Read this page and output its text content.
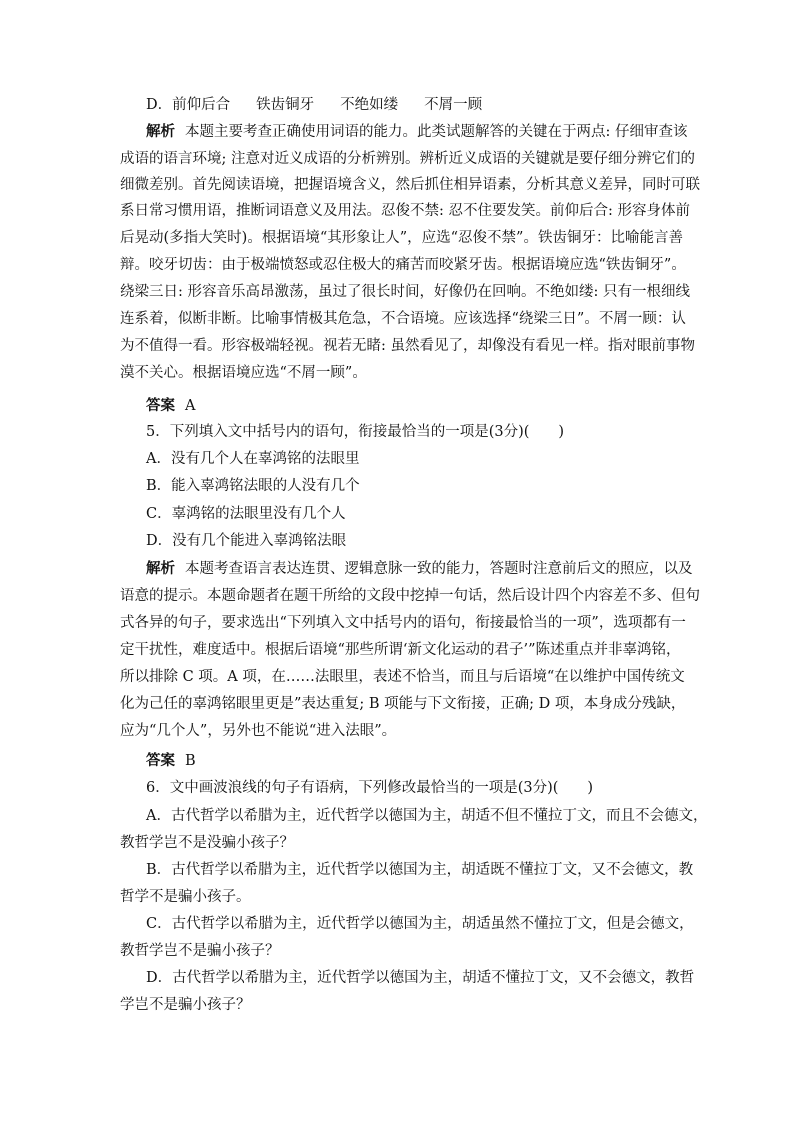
D．前仰后合 铁齿铜牙 不绝如缕 不屑一顾
解析 本题主要考查正确使用词语的能力。此类试题解答的关键在于两点: 仔细审查该
成语的语言环境; 注意对近义成语的分析辨别。辨析近义成语的关键就是要仔细分辨它们的
细微差别。首先阅读语境，把握语境含义，然后抓住相异语素，分析其意义差异，同时可联
系日常习惯用语，推断词语意义及用法。忍俊不禁: 忍不住要发笑。前仰后合: 形容身体前
后晃动(多指大笑时)。根据语境“其形象让人”，应选“忍俊不禁”。铁齿铜牙：比喻能言善
辩。咬牙切齿：由于极端愤怒或忍住极大的痛苦而咬紧牙齿。根据语境应选“铁齿铜牙”。
绕梁三日: 形容音乐高昂激荡，虽过了很长时间，好像仍在回响。不绝如缕: 只有一根细线
连系着，似断非断。比喻事情极其危急，不合语境。应该选择“绕梁三日”。不屑一顾：认
为不值得一看。形容极端轻视。视若无睹: 虽然看见了，却像没有看见一样。指对眼前事物
漠不关心。根据语境应选“不屑一顾”。
答案 A
5．下列填入文中括号内的语句，衔接最恰当的一项是(3分)(　　)
A．没有几个人在辜鸿铭的法眼里
B．能入辜鸿铭法眼的人没有几个
C．辜鸿铭的法眼里没有几个人
D．没有几个能进入辜鸿铭法眼
解析 本题考查语言表达连贯、逻辑意脉一致的能力，答题时注意前后文的照应，以及
语意的提示。本题命题者在题干所给的文段中挖掉一句话，然后设计四个内容差不多、但句
式各异的句子，要求选出“下列填入文中括号内的语句，衔接最恰当的一项”，选项都有一
定干扰性，难度适中。根据后语境“那些所谓‘新文化运动的君子’”陈述重点并非辜鸿铭，
所以排除 C 项。A 项，在……法眼里，表述不恰当，而且与后语境“在以维护中国传统文
化为己任的辜鸿铭眼里更是”表达重复; B 项能与下文衔接，正确; D 项，本身成分残缺，
应为“几个人”，另外也不能说“进入法眼”。
答案 B
6．文中画波浪线的句子有语病，下列修改最恰当的一项是(3分)(　　)
A．古代哲学以希腊为主，近代哲学以德国为主，胡适不但不懂拉丁文，而且不会德文，
教哲学岂不是没骗小孩子？
B．古代哲学以希腊为主，近代哲学以德国为主，胡适既不懂拉丁文，又不会德文，教
哲学不是骗小孩子。
C．古代哲学以希腊为主，近代哲学以德国为主，胡适虽然不懂拉丁文，但是会德文，
教哲学岂不是骗小孩子？
D．古代哲学以希腊为主，近代哲学以德国为主，胡适不懂拉丁文，又不会德文，教哲
学岂不是骗小孩子？
